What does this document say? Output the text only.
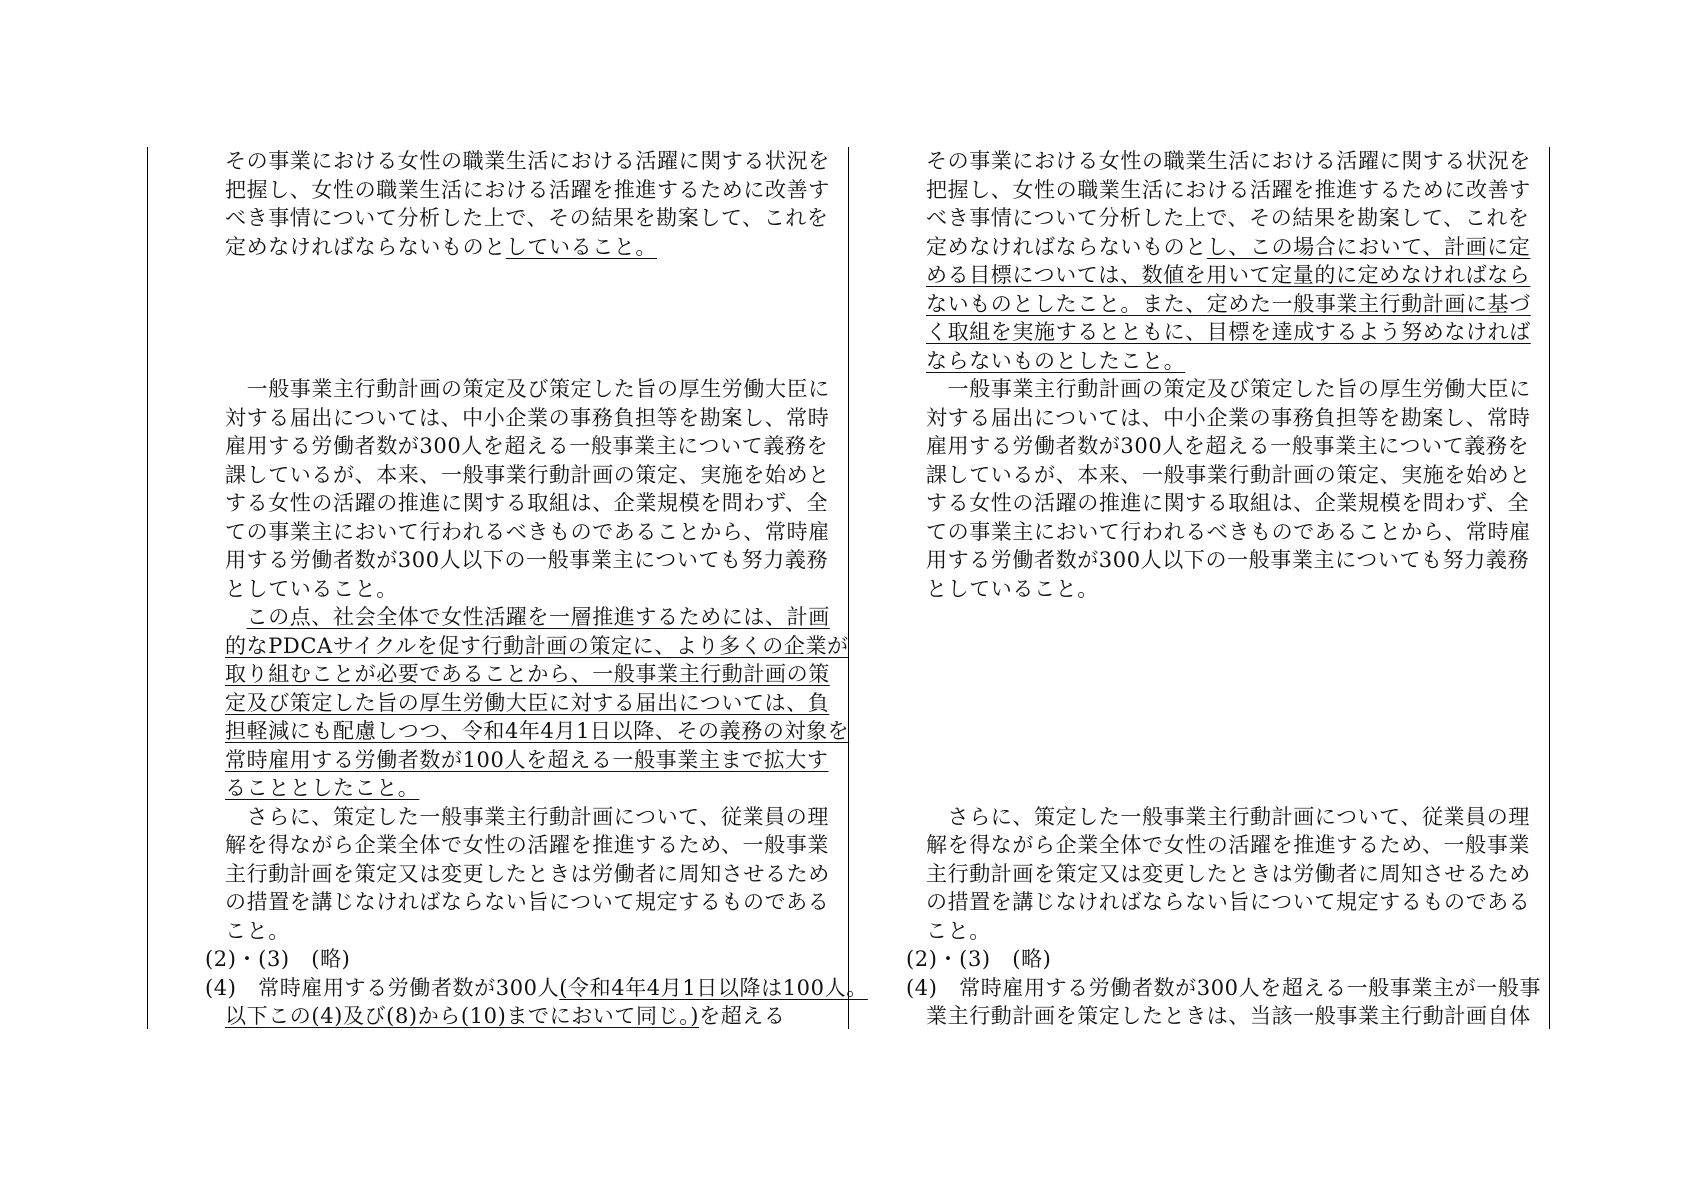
その事業における女性の職業生活における活躍に関する状況を
把握し、女性の職業生活における活躍を推進するために改善す
べき事情について分析した上で、その結果を勘案して、これを
定めなければならないものとしていること。
　一般事業主行動計画の策定及び策定した旨の厚生労働大臣に
対する届出については、中小企業の事務負担等を勘案し、常時
雇用する労働者数が300人を超える一般事業主について義務を
課しているが、本来、一般事業行動計画の策定、実施を始めと
する女性の活躍の推進に関する取組は、企業規模を問わず、全
ての事業主において行われるべきものであることから、常時雇
用する労働者数が300人以下の一般事業主についても努力義務
としていること。
　この点、社会全体で女性活躍を一層推進するためには、計画
的なPDCAサイクルを促す行動計画の策定に、より多くの企業が
取り組むことが必要であることから、一般事業主行動計画の策
定及び策定した旨の厚生労働大臣に対する届出については、負
担軽減にも配慮しつつ、令和4年4月1日以降、その義務の対象を
常時雇用する労働者数が100人を超える一般事業主まで拡大す
ることとしたこと。
　さらに、策定した一般事業主行動計画について、従業員の理
解を得ながら企業全体で女性の活躍を推進するため、一般事業
主行動計画を策定又は変更したときは労働者に周知させるため
の措置を講じなければならない旨について規定するものである
こと。
(2)・(3)　(略)
(4)　常時雇用する労働者数が300人(令和4年4月1日以降は100人。
以下この(4)及び(8)から(10)までにおいて同じ。)を超える
その事業における女性の職業生活における活躍に関する状況を
把握し、女性の職業生活における活躍を推進するために改善す
べき事情について分析した上で、その結果を勘案して、これを
定めなければならないものとし、この場合において、計画に定
める目標については、数値を用いて定量的に定めなければなら
ないものとしたこと。また、定めた一般事業主行動計画に基づ
く取組を実施するとともに、目標を達成するよう努めなければ
ならないものとしたこと。
　一般事業主行動計画の策定及び策定した旨の厚生労働大臣に
対する届出については、中小企業の事務負担等を勘案し、常時
雇用する労働者数が300人を超える一般事業主について義務を
課しているが、本来、一般事業行動計画の策定、実施を始めと
する女性の活躍の推進に関する取組は、企業規模を問わず、全
ての事業主において行われるべきものであることから、常時雇
用する労働者数が300人以下の一般事業主についても努力義務
としていること。
　さらに、策定した一般事業主行動計画について、従業員の理
解を得ながら企業全体で女性の活躍を推進するため、一般事業
主行動計画を策定又は変更したときは労働者に周知させるため
の措置を講じなければならない旨について規定するものである
こと。
(2)・(3)　(略)
(4)　常時雇用する労働者数が300人を超える一般事業主が一般事
業主行動計画を策定したときは、当該一般事業主行動計画自体
